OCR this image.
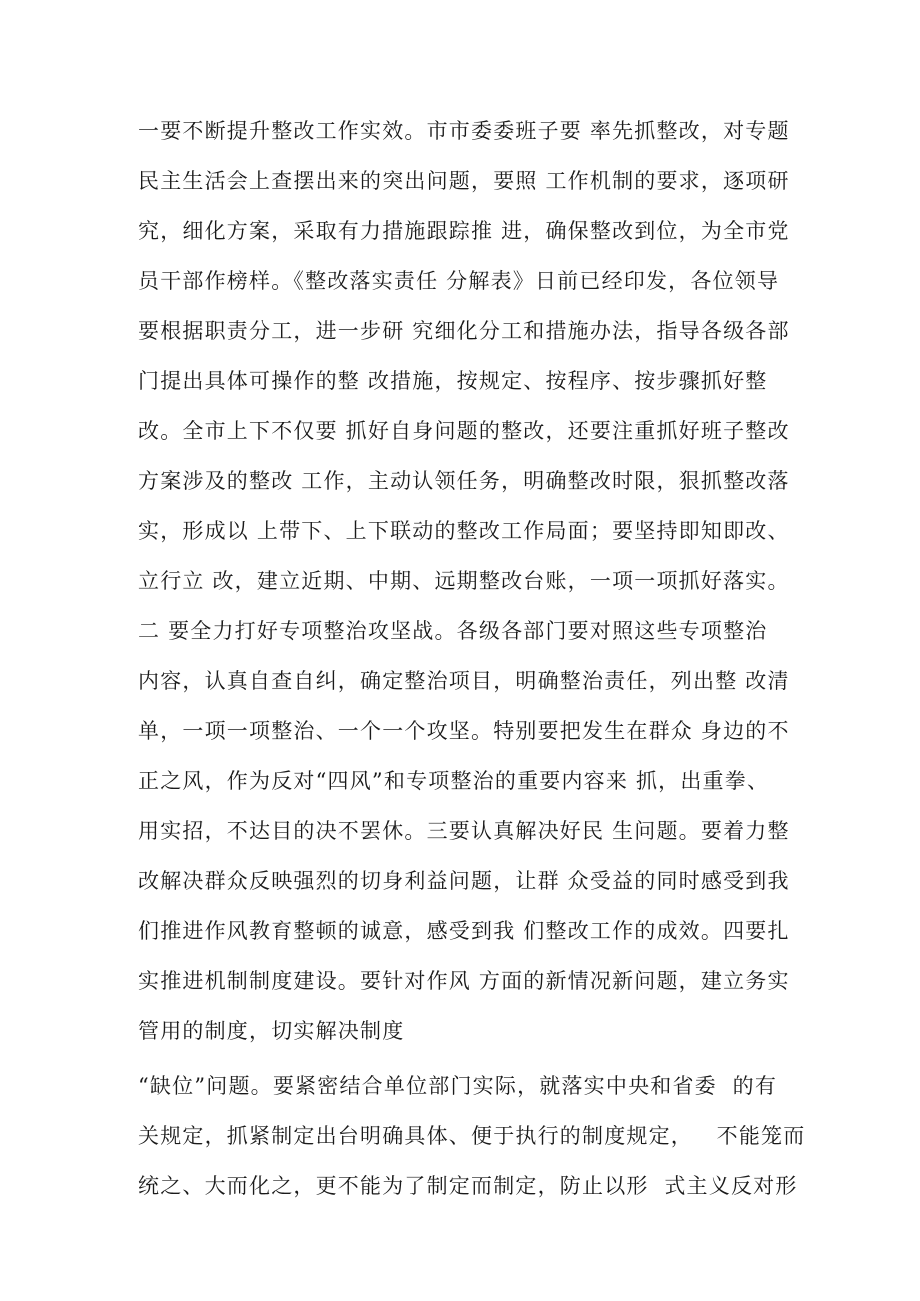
一要不断提升整改工作实效。市市委委班子要 率先抓整改，对专题
民主生活会上查摆出来的突出问题，要照 工作机制的要求，逐项研
究，细化方案，采取有力措施跟踪推 进，确保整改到位，为全市党
员干部作榜样。《整改落实责任 分解表》日前已经印发，各位领导
要根据职责分工，进一步研 究细化分工和措施办法，指导各级各部
门提出具体可操作的整 改措施，按规定、按程序、按步骤抓好整
改。全市上下不仅要 抓好自身问题的整改，还要注重抓好班子整改
方案涉及的整改 工作，主动认领任务，明确整改时限，狠抓整改落
实，形成以 上带下、上下联动的整改工作局面；要坚持即知即改、
立行立 改，建立近期、中期、远期整改台账，一项一项抓好落实。
二 要全力打好专项整治攻坚战。各级各部门要对照这些专项整治
内容，认真自查自纠，确定整治项目，明确整治责任，列出整 改清
单，一项一项整治、一个一个攻坚。特别要把发生在群众 身边的不
正之风，作为反对“四风”和专项整治的重要内容来 抓，出重拳、
用实招，不达目的决不罢休。三要认真解决好民 生问题。要着力整
改解决群众反映强烈的切身利益问题，让群 众受益的同时感受到我
们推进作风教育整顿的诚意，感受到我 们整改工作的成效。四要扎
实推进机制制度建设。要针对作风 方面的新情况新问题，建立务实
管用的制度，切实解决制度
“缺位”问题。要紧密结合单位部门实际，就落实中央和省委  的有
关规定，抓紧制定出台明确具体、便于执行的制度规定，   不能笼而
统之、大而化之，更不能为了制定而制定，防止以形  式主义反对形
